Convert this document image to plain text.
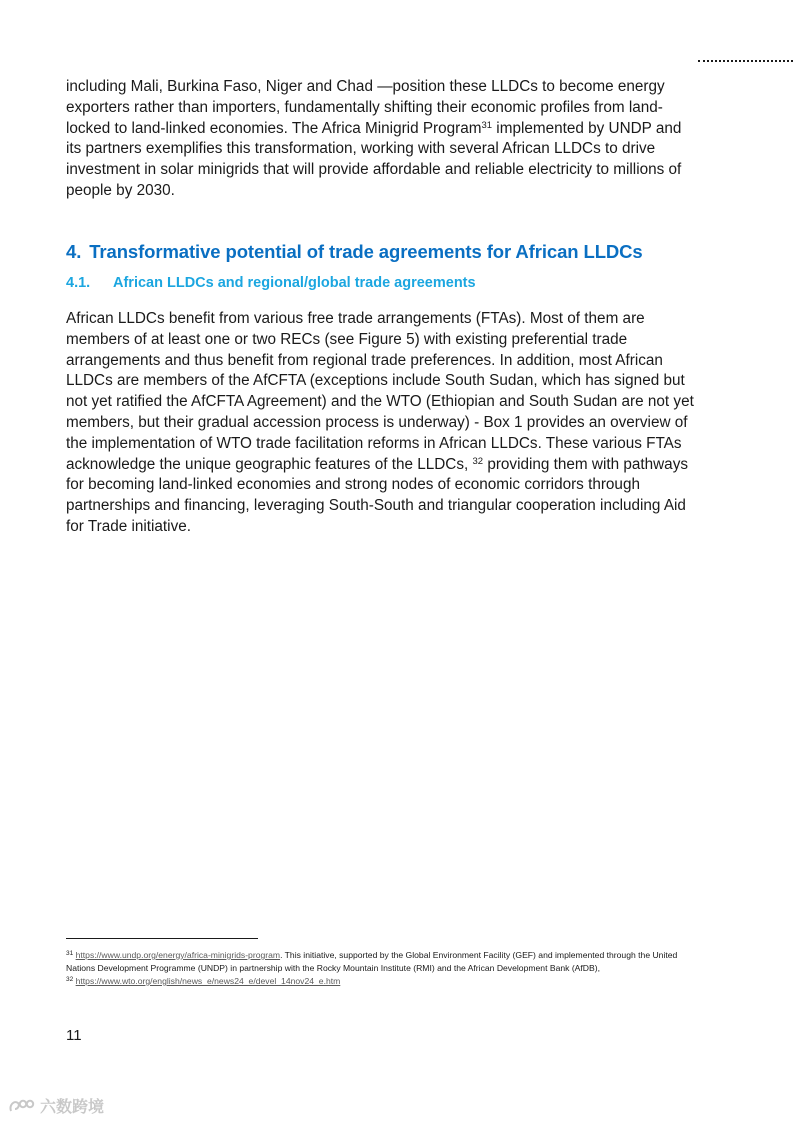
including Mali, Burkina Faso, Niger and Chad —position these LLDCs to become energy exporters rather than importers, fundamentally shifting their economic profiles from land-locked to land-linked economies. The Africa Minigrid Program$^{31}$ implemented by UNDP and its partners exemplifies this transformation, working with several African LLDCs to drive investment in solar minigrids that will provide affordable and reliable electricity to millions of people by 2030.

4. Transformative potential of trade agreements for African LLDCs
4.1. African LLDCs and regional/global trade agreements

African LLDCs benefit from various free trade arrangements (FTAs). Most of them are members of at least one or two RECs (see Figure 5) with existing preferential trade arrangements and thus benefit from regional trade preferences. In addition, most African LLDCs are members of the AfCFTA (exceptions include South Sudan, which has signed but not yet ratified the AfCFTA Agreement) and the WTO (Ethiopian and South Sudan are not yet members, but their gradual accession process is underway) - Box 1 provides an overview of the implementation of WTO trade facilitation reforms in African LLDCs. These various FTAs acknowledge the unique geographic features of the LLDCs, $^{32}$ providing them with pathways for becoming land-linked economies and strong nodes of economic corridors through partnerships and financing, leveraging South-South and triangular cooperation including Aid for Trade initiative.

$^{31}$ https://www.undp.org/energy/africa-minigrids-program. This initiative, supported by the Global Environment Facility (GEF) and implemented through the United Nations Development Programme (UNDP) in partnership with the Rocky Mountain Institute (RMI) and the African Development Bank (AfDB),

$^{32}$ https://www.wto.org/english/news_e/news24_e/devel_14nov24_e.htm

11

六数跨境
